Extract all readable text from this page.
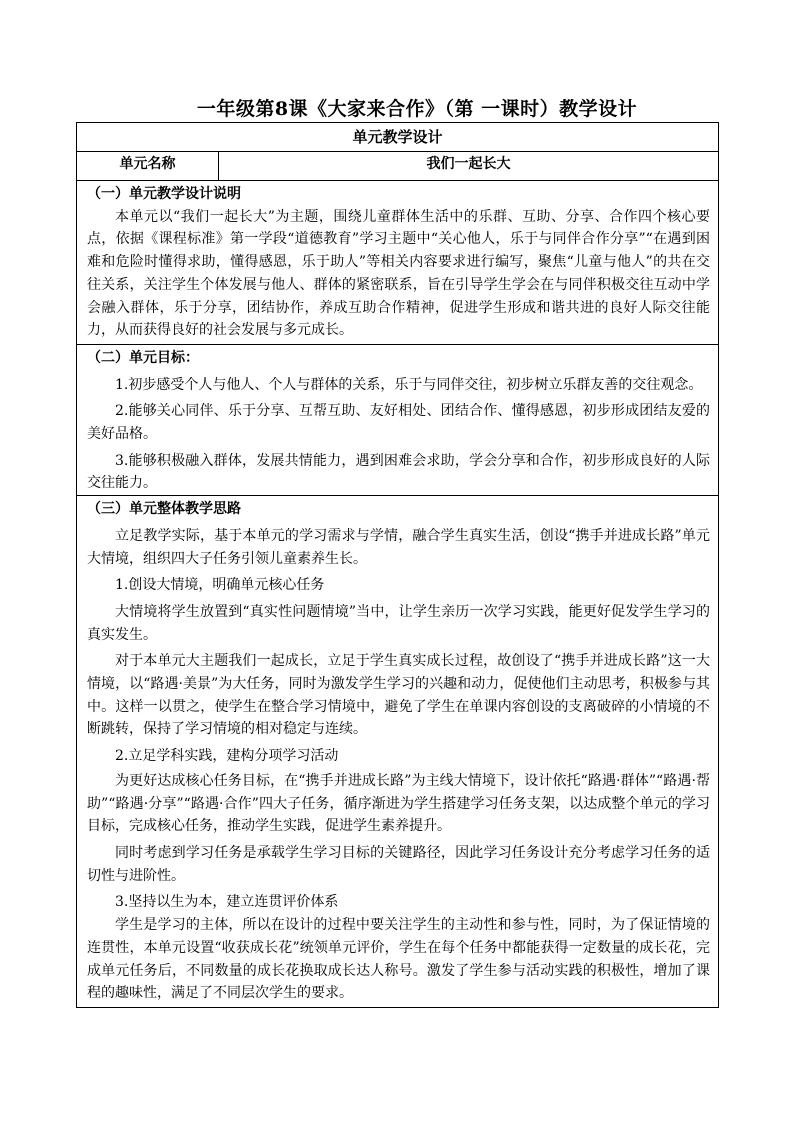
一年级第8课《大家来合作》（第 一课时）教学设计
单元教学设计
单元名称	我们一起长大

（一）单元教学设计说明

本单元以“我们一起长大”为主题，围绕儿童群体生活中的乐群、互助、分享、合作四个核心要点，依据《课程标准》第一学段“道德教育”学习主题中“关心他人，乐于与同伴合作分享”“在遇到困难和危险时懂得求助，懂得感恩，乐于助人”等相关内容要求进行编写，聚焦“儿童与他人”的共在交往关系，关注学生个体发展与他人、群体的紧密联系，旨在引导学生学会在与同伴积极交往互动中学会融入群体，乐于分享，团结协作，养成互助合作精神，促进学生形成和谐共进的良好人际交往能力，从而获得良好的社会发展与多元成长。

（二）单元目标：

1.初步感受个人与他人、个人与群体的关系，乐于与同伴交往，初步树立乐群友善的交往观念。

2.能够关心同伴、乐于分享、互帮互助、友好相处、团结合作、懂得感恩，初步形成团结友爱的美好品格。

3.能够积极融入群体，发展共情能力，遇到困难会求助，学会分享和合作，初步形成良好的人际交往能力。

（三）单元整体教学思路

立足教学实际，基于本单元的学习需求与学情，融合学生真实生活，创设“携手并进成长路”单元大情境，组织四大子任务引领儿童素养生长。

1.创设大情境，明确单元核心任务

大情境将学生放置到“真实性问题情境”当中，让学生亲历一次学习实践，能更好促发学生学习的真实发生。

对于本单元大主题我们一起成长，立足于学生真实成长过程，故创设了“携手并进成长路”这一大情境，以“路遇·美景”为大任务，同时为激发学生学习的兴趣和动力，促使他们主动思考，积极参与其中。这样一以贯之，使学生在整合学习情境中，避免了学生在单课内容创设的支离破碎的小情境的不断跳转，保持了学习情境的相对稳定与连续。

2.立足学科实践，建构分项学习活动

为更好达成核心任务目标，在“携手并进成长路”为主线大情境下，设计依托“路遇·群体”“路遇·帮助”“路遇·分享”“路遇·合作”四大子任务，循序渐进为学生搭建学习任务支架，以达成整个单元的学习目标，完成核心任务，推动学生实践，促进学生素养提升。

同时考虑到学习任务是承载学生学习目标的关键路径，因此学习任务设计充分考虑学习任务的适切性与进阶性。

3.坚持以生为本，建立连贯评价体系

学生是学习的主体，所以在设计的过程中要关注学生的主动性和参与性，同时，为了保证情境的连贯性，本单元设置“收获成长花”统领单元评价，学生在每个任务中都能获得一定数量的成长花，完成单元任务后，不同数量的成长花换取成长达人称号。激发了学生参与活动实践的积极性，增加了课程的趣味性，满足了不同层次学生的要求。
